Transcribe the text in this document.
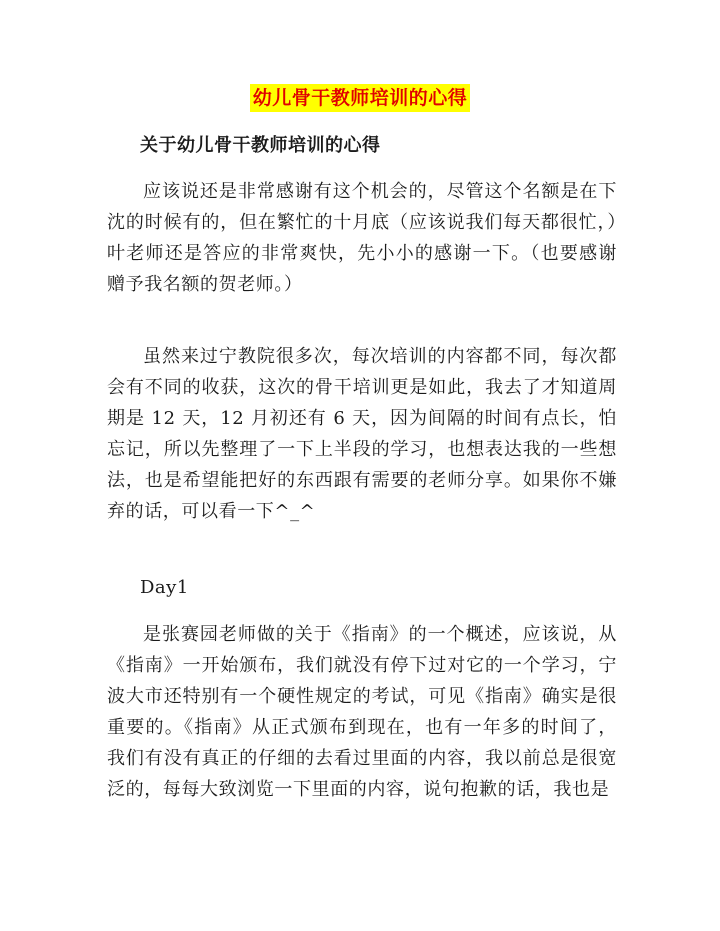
幼儿骨干教师培训的心得
关于幼儿骨干教师培训的心得

应该说还是非常感谢有这个机会的，尽管这个名额是在下沈的时候有的，但在繁忙的十月底（应该说我们每天都很忙，）叶老师还是答应的非常爽快，先小小的感谢一下。（也要感谢赠予我名额的贺老师。）

虽然来过宁教院很多次，每次培训的内容都不同，每次都会有不同的收获，这次的骨干培训更是如此，我去了才知道周期是 12 天，12 月初还有 6 天，因为间隔的时间有点长，怕忘记，所以先整理了一下上半段的学习，也想表达我的一些想法，也是希望能把好的东西跟有需要的老师分享。如果你不嫌弃的话，可以看一下^_^

Day1

是张赛园老师做的关于《指南》的一个概述，应该说，从《指南》一开始颁布，我们就没有停下过对它的一个学习，宁波大市还特别有一个硬性规定的考试，可见《指南》确实是很重要的。《指南》从正式颁布到现在，也有一年多的时间了，我们有没有真正的仔细的去看过里面的内容，我以前总是很宽泛的，每每大致浏览一下里面的内容，说句抱歉的话，我也是
